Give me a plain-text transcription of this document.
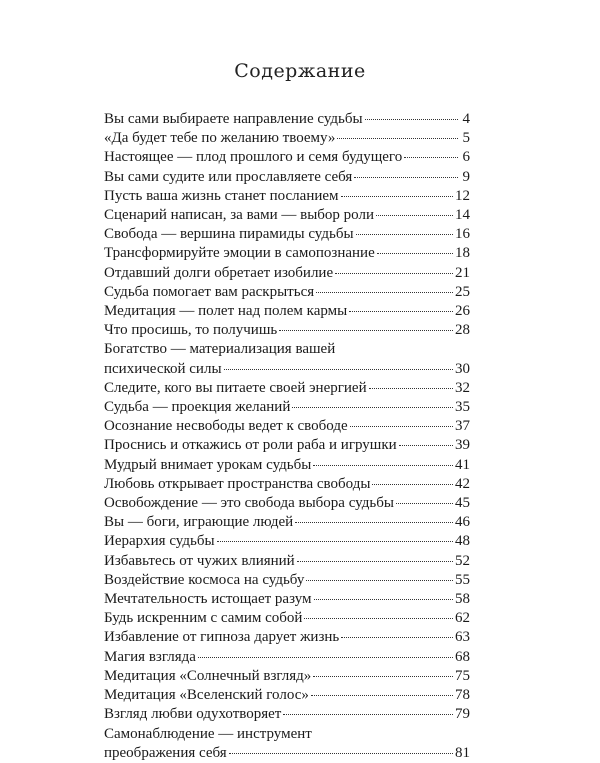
Содержание
Вы сами выбираете направление судьбы	4
«Да будет тебе по желанию твоему»	5
Настоящее — плод прошлого и семя будущего	6
Вы сами судите или прославляете себя	9
Пусть ваша жизнь станет посланием	12
Сценарий написан, за вами — выбор роли	14
Свобода — вершина пирамиды судьбы	16
Трансформируйте эмоции в самопознание	18
Отдавший долги обретает изобилие	21
Судьба помогает вам раскрыться	25
Медитация — полет над полем кармы	26
Что просишь, то получишь	28
Богатство — материализация вашей
психической силы	30
Следите, кого вы питаете своей энергией	32
Судьба — проекция желаний	35
Осознание несвободы ведет к свободе	37
Проснись и откажись от роли раба и игрушки	39
Мудрый внимает урокам судьбы	41
Любовь открывает пространства свободы	42
Освобождение — это свобода выбора судьбы	45
Вы — боги, играющие людей	46
Иерархия судьбы	48
Избавьтесь от чужих влияний	52
Воздействие космоса на судьбу	55
Мечтательность истощает разум	58
Будь искренним с самим собой	62
Избавление от гипноза дарует жизнь	63
Магия взгляда	68
Медитация «Солнечный взгляд»	75
Медитация «Вселенский голос»	78
Взгляд любви одухотворяет	79
Самонаблюдение — инструмент
преображения себя	81
